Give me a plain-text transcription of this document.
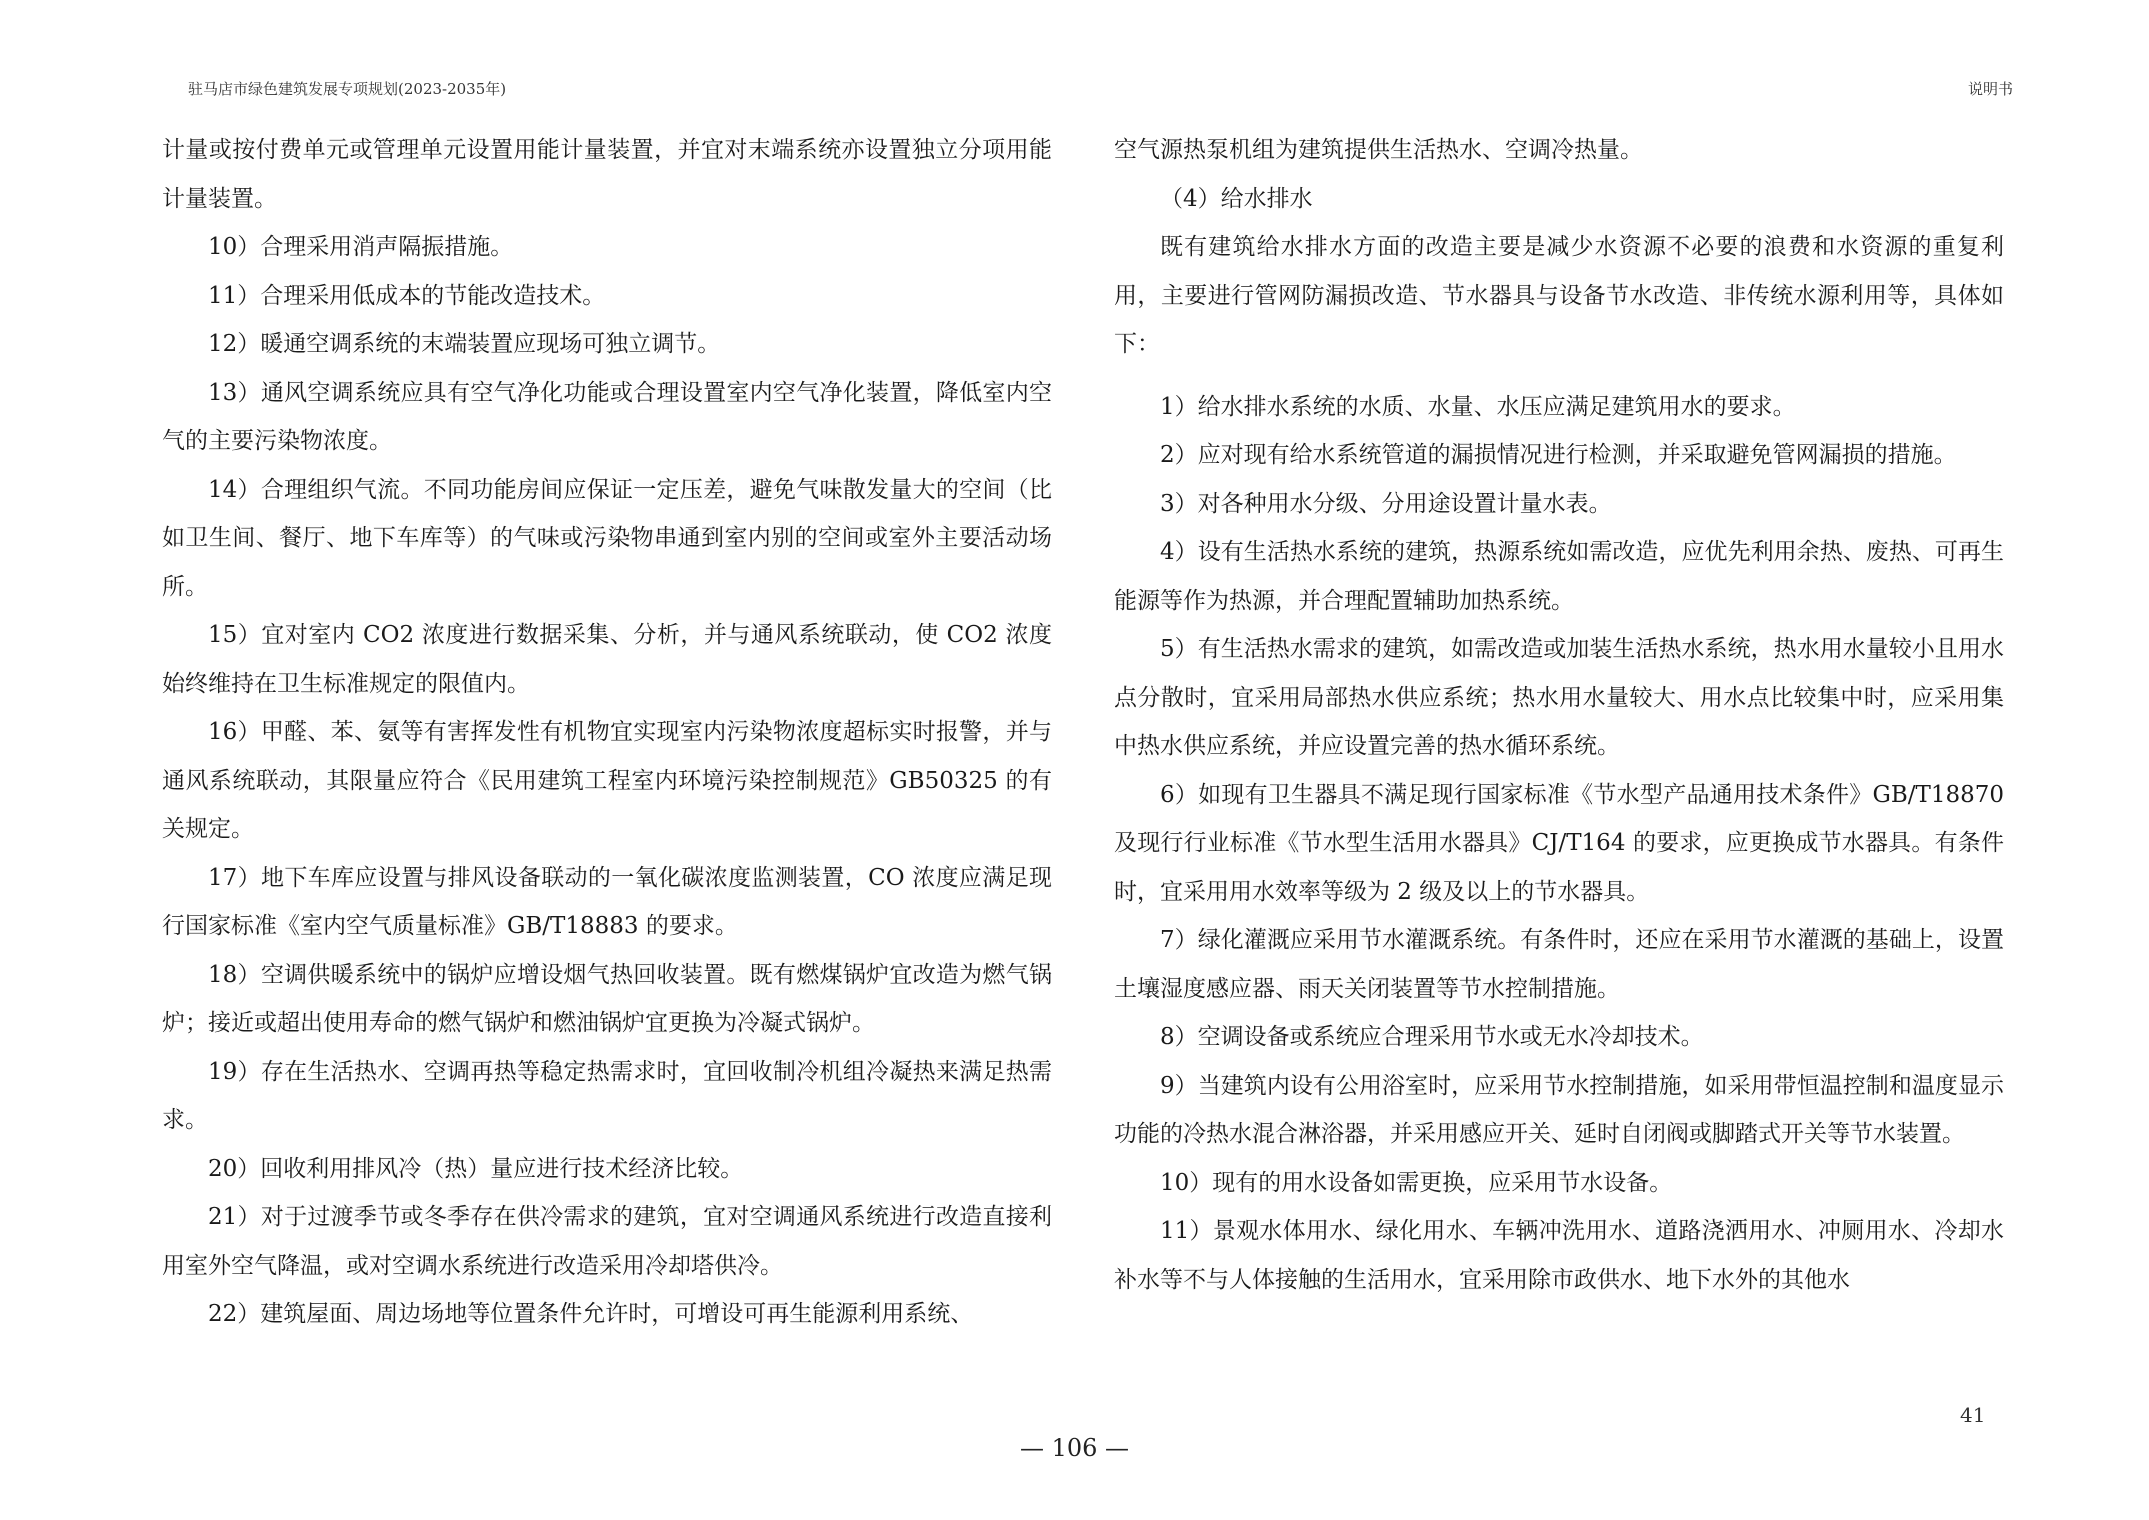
驻马店市绿色建筑发展专项规划(2023-2035年)	说明书

计量或按付费单元或管理单元设置用能计量装置，并宜对末端系统亦设置独立分项用能计量装置。

10）合理采用消声隔振措施。

11）合理采用低成本的节能改造技术。

12）暖通空调系统的末端装置应现场可独立调节。

13）通风空调系统应具有空气净化功能或合理设置室内空气净化装置，降低室内空气的主要污染物浓度。

14）合理组织气流。不同功能房间应保证一定压差，避免气味散发量大的空间（比如卫生间、餐厅、地下车库等）的气味或污染物串通到室内别的空间或室外主要活动场所。

15）宜对室内 CO2 浓度进行数据采集、分析，并与通风系统联动，使 CO2 浓度始终维持在卫生标准规定的限值内。

16）甲醛、苯、氨等有害挥发性有机物宜实现室内污染物浓度超标实时报警，并与通风系统联动，其限量应符合《民用建筑工程室内环境污染控制规范》GB50325 的有关规定。

17）地下车库应设置与排风设备联动的一氧化碳浓度监测装置，CO 浓度应满足现行国家标准《室内空气质量标准》GB/T18883 的要求。

18）空调供暖系统中的锅炉应增设烟气热回收装置。既有燃煤锅炉宜改造为燃气锅炉；接近或超出使用寿命的燃气锅炉和燃油锅炉宜更换为冷凝式锅炉。

19）存在生活热水、空调再热等稳定热需求时，宜回收制冷机组冷凝热来满足热需求。

20）回收利用排风冷（热）量应进行技术经济比较。

21）对于过渡季节或冬季存在供冷需求的建筑，宜对空调通风系统进行改造直接利用室外空气降温，或对空调水系统进行改造采用冷却塔供冷。

22）建筑屋面、周边场地等位置条件允许时，可增设可再生能源利用系统、

空气源热泵机组为建筑提供生活热水、空调冷热量。

（4）给水排水

既有建筑给水排水方面的改造主要是减少水资源不必要的浪费和水资源的重复利用，主要进行管网防漏损改造、节水器具与设备节水改造、非传统水源利用等，具体如下：

1）给水排水系统的水质、水量、水压应满足建筑用水的要求。

2）应对现有给水系统管道的漏损情况进行检测，并采取避免管网漏损的措施。

3）对各种用水分级、分用途设置计量水表。

4）设有生活热水系统的建筑，热源系统如需改造，应优先利用余热、废热、可再生能源等作为热源，并合理配置辅助加热系统。

5）有生活热水需求的建筑，如需改造或加装生活热水系统，热水用水量较小且用水点分散时，宜采用局部热水供应系统；热水用水量较大、用水点比较集中时，应采用集中热水供应系统，并应设置完善的热水循环系统。

6）如现有卫生器具不满足现行国家标准《节水型产品通用技术条件》GB/T18870 及现行行业标准《节水型生活用水器具》CJ/T164 的要求，应更换成节水器具。有条件时，宜采用用水效率等级为 2 级及以上的节水器具。

7）绿化灌溉应采用节水灌溉系统。有条件时，还应在采用节水灌溉的基础上，设置土壤湿度感应器、雨天关闭装置等节水控制措施。

8）空调设备或系统应合理采用节水或无水冷却技术。

9）当建筑内设有公用浴室时，应采用节水控制措施，如采用带恒温控制和温度显示功能的冷热水混合淋浴器，并采用感应开关、延时自闭阀或脚踏式开关等节水装置。

10）现有的用水设备如需更换，应采用节水设备。

11）景观水体用水、绿化用水、车辆冲洗用水、道路浇洒用水、冲厕用水、冷却水补水等不与人体接触的生活用水，宜采用除市政供水、地下水外的其他水

41
— 106 —
